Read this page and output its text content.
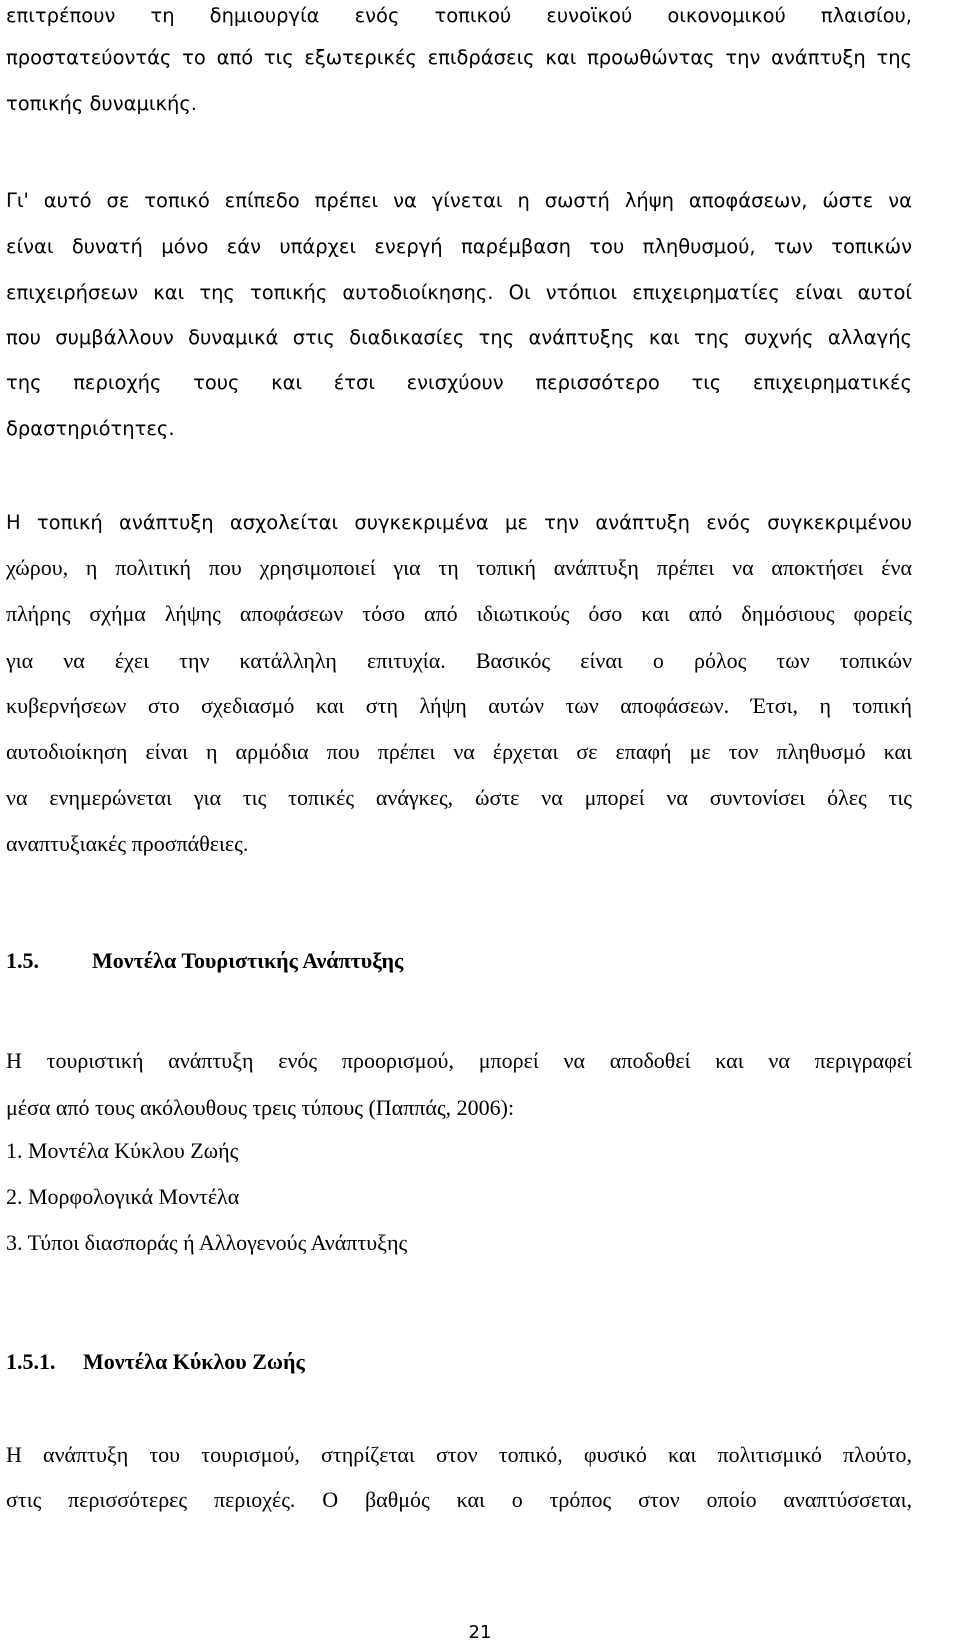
επιτρέπουν τη δημιουργία ενός τοπικού ευνοϊκού οικονομικού πλαισίου,
προστατεύοντάς το από τις εξωτερικές επιδράσεις και προωθώντας την ανάπτυξη της
τοπικής δυναμικής.
Γι' αυτό σε τοπικό επίπεδο πρέπει να γίνεται η σωστή λήψη αποφάσεων, ώστε να
είναι δυνατή μόνο εάν υπάρχει ενεργή παρέμβαση του πληθυσμού, των τοπικών
επιχειρήσεων και της τοπικής αυτοδιοίκησης. Οι ντόπιοι επιχειρηματίες είναι αυτοί
που συμβάλλουν δυναμικά στις διαδικασίες της ανάπτυξης και της συχνής αλλαγής
της περιοχής τους και έτσι ενισχύουν περισσότερο τις επιχειρηματικές
δραστηριότητες.
Η τοπική ανάπτυξη ασχολείται συγκεκριμένα με την ανάπτυξη ενός συγκεκριμένου
χώρου, η πολιτική που χρησιμοποιεί για τη τοπική ανάπτυξη πρέπει να αποκτήσει ένα
πλήρης σχήμα λήψης αποφάσεων τόσο από ιδιωτικούς όσο και από δημόσιους φορείς
για να έχει την κατάλληλη επιτυχία. Βασικός είναι ο ρόλος των τοπικών
κυβερνήσεων στο σχεδιασμό και στη λήψη αυτών των αποφάσεων. Έτσι, η τοπική
αυτοδιοίκηση είναι η αρμόδια που πρέπει να έρχεται σε επαφή με τον πληθυσμό και
να ενημερώνεται για τις τοπικές ανάγκες, ώστε να μπορεί να συντονίσει όλες τις
αναπτυξιακές προσπάθειες.
1.5. Μοντέλα Τουριστικής Ανάπτυξης
Η τουριστική ανάπτυξη ενός προορισμού, μπορεί να αποδοθεί και να περιγραφεί
μέσα από τους ακόλουθους τρεις τύπους (Παππάς, 2006):
1. Μοντέλα Κύκλου Ζωής
2. Μορφολογικά Μοντέλα
3. Τύποι διασποράς ή Αλλογενούς Ανάπτυξης
1.5.1. Μοντέλα Κύκλου Ζωής
Η ανάπτυξη του τουρισμού, στηρίζεται στον τοπικό, φυσικό και πολιτισμικό πλούτο,
στις περισσότερες περιοχές. Ο βαθμός και ο τρόπος στον οποίο αναπτύσσεται,
21
